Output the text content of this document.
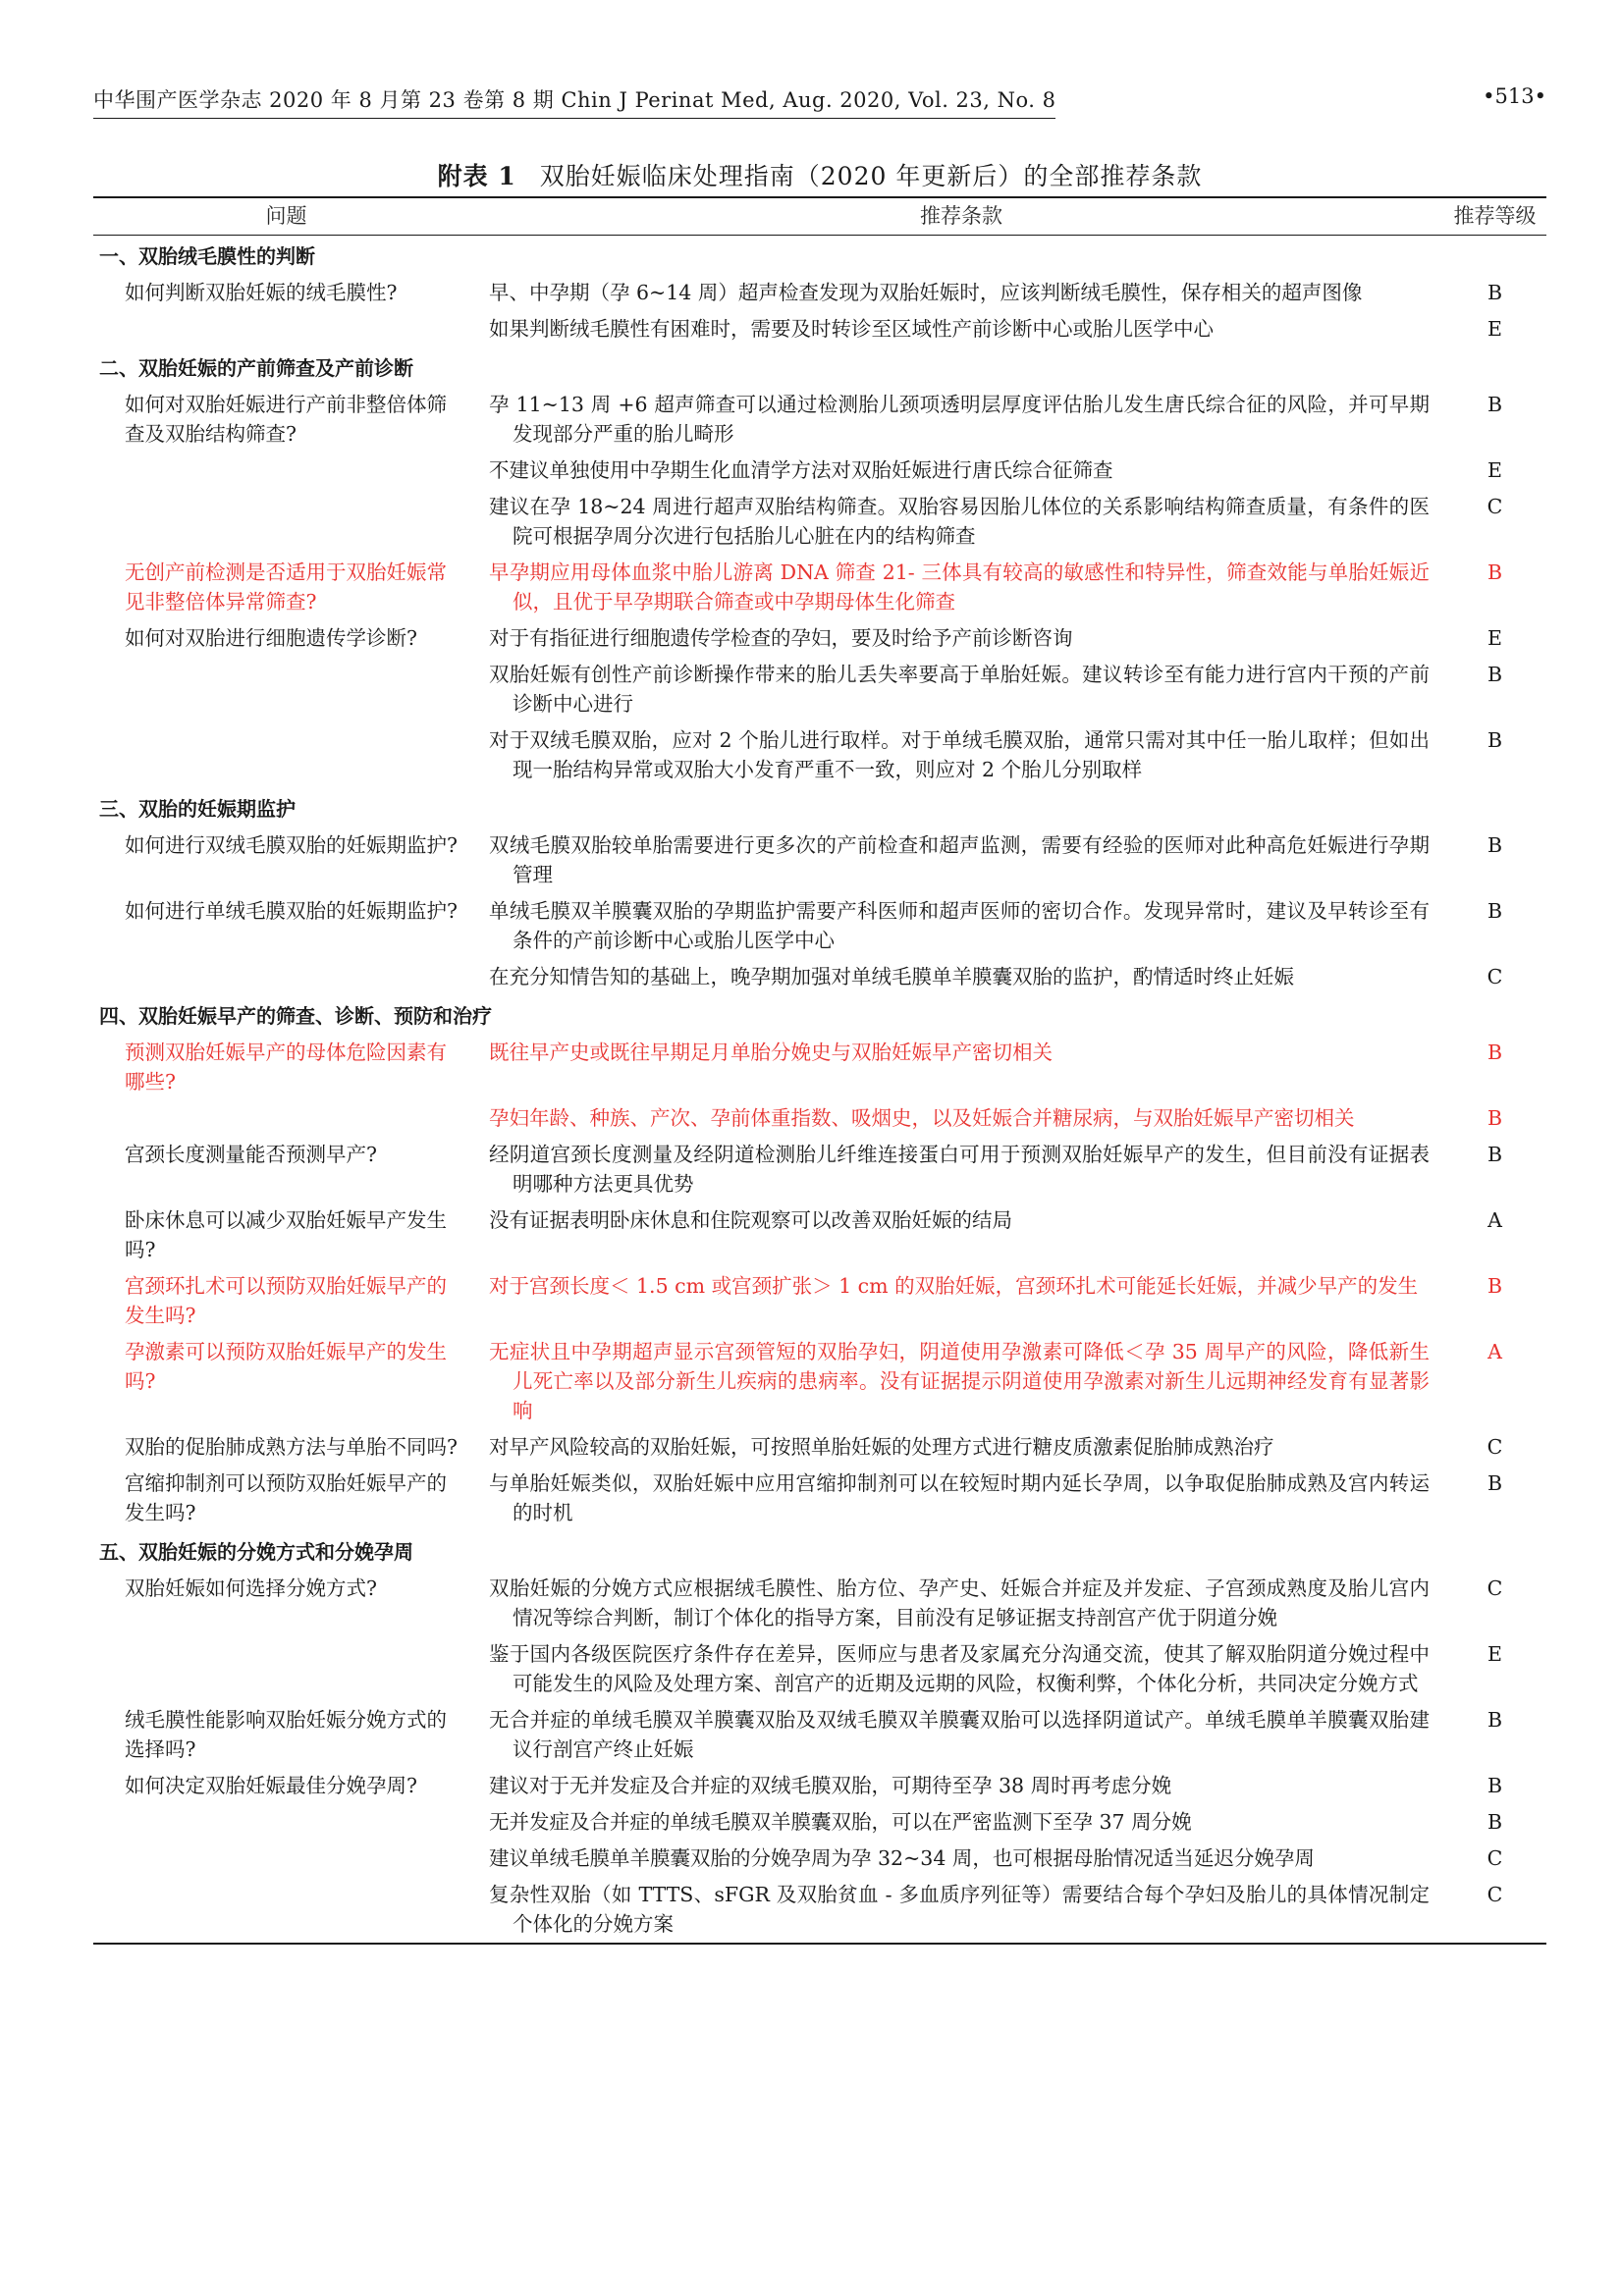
中华围产医学杂志 2020 年 8 月第 23 卷第 8 期 Chin J Perinat Med, Aug. 2020, Vol. 23, No. 8	•513•
附表 1 双胎妊娠临床处理指南（2020 年更新后）的全部推荐条款
问题	推荐条款	推荐等级
一、双胎绒毛膜性的判断		
如何判断双胎妊娠的绒毛膜性?	早、中孕期（孕 6~14 周）超声检查发现为双胎妊娠时，应该判断绒毛膜性，保存相关的超声图像	B

	如果判断绒毛膜性有困难时，需要及时转诊至区域性产前诊断中心或胎儿医学中心	E
二、双胎妊娠的产前筛查及产前诊断		
如何对双胎妊娠进行产前非整倍体筛查及双胎结构筛查?	孕 11~13 周 +6 超声筛查可以通过检测胎儿颈项透明层厚度评估胎儿发生唐氏综合征的风险，并可早期发现部分严重的胎儿畸形	B

	不建议单独使用中孕期生化血清学方法对双胎妊娠进行唐氏综合征筛查	E

	建议在孕 18~24 周进行超声双胎结构筛查。双胎容易因胎儿体位的关系影响结构筛查质量，有条件的医院可根据孕周分次进行包括胎儿心脏在内的结构筛查	C
无创产前检测是否适用于双胎妊娠常见非整倍体异常筛查?	早孕期应用母体血浆中胎儿游离 DNA 筛查 21- 三体具有较高的敏感性和特异性，筛查效能与单胎妊娠近似，且优于早孕期联合筛查或中孕期母体生化筛查	B
如何对双胎进行细胞遗传学诊断?	对于有指征进行细胞遗传学检查的孕妇，要及时给予产前诊断咨询	E

	双胎妊娠有创性产前诊断操作带来的胎儿丢失率要高于单胎妊娠。建议转诊至有能力进行宫内干预的产前诊断中心进行	B

	对于双绒毛膜双胎，应对 2 个胎儿进行取样。对于单绒毛膜双胎，通常只需对其中任一胎儿取样；但如出现一胎结构异常或双胎大小发育严重不一致，则应对 2 个胎儿分别取样	B
三、双胎的妊娠期监护		
如何进行双绒毛膜双胎的妊娠期监护?	双绒毛膜双胎较单胎需要进行更多次的产前检查和超声监测，需要有经验的医师对此种高危妊娠进行孕期管理	B
如何进行单绒毛膜双胎的妊娠期监护?	单绒毛膜双羊膜囊双胎的孕期监护需要产科医师和超声医师的密切合作。发现异常时，建议及早转诊至有条件的产前诊断中心或胎儿医学中心	B

	在充分知情告知的基础上，晚孕期加强对单绒毛膜单羊膜囊双胎的监护，酌情适时终止妊娠	C
四、双胎妊娠早产的筛查、诊断、预防和治疗		
预测双胎妊娠早产的母体危险因素有哪些?	既往早产史或既往早期足月单胎分娩史与双胎妊娠早产密切相关	B

	孕妇年龄、种族、产次、孕前体重指数、吸烟史，以及妊娠合并糖尿病，与双胎妊娠早产密切相关	B
宫颈长度测量能否预测早产?	经阴道宫颈长度测量及经阴道检测胎儿纤维连接蛋白可用于预测双胎妊娠早产的发生，但目前没有证据表明哪种方法更具优势	B
卧床休息可以减少双胎妊娠早产发生吗?	没有证据表明卧床休息和住院观察可以改善双胎妊娠的结局	A
宫颈环扎术可以预防双胎妊娠早产的发生吗?	对于宫颈长度＜ 1.5 cm 或宫颈扩张＞ 1 cm 的双胎妊娠，宫颈环扎术可能延长妊娠，并减少早产的发生	B
孕激素可以预防双胎妊娠早产的发生吗?	无症状且中孕期超声显示宫颈管短的双胎孕妇，阴道使用孕激素可降低＜孕 35 周早产的风险，降低新生儿死亡率以及部分新生儿疾病的患病率。没有证据提示阴道使用孕激素对新生儿远期神经发育有显著影响	A
双胎的促胎肺成熟方法与单胎不同吗?	对早产风险较高的双胎妊娠，可按照单胎妊娠的处理方式进行糖皮质激素促胎肺成熟治疗	C
宫缩抑制剂可以预防双胎妊娠早产的发生吗?	与单胎妊娠类似，双胎妊娠中应用宫缩抑制剂可以在较短时期内延长孕周，以争取促胎肺成熟及宫内转运的时机	B
五、双胎妊娠的分娩方式和分娩孕周		
双胎妊娠如何选择分娩方式?	双胎妊娠的分娩方式应根据绒毛膜性、胎方位、孕产史、妊娠合并症及并发症、子宫颈成熟度及胎儿宫内情况等综合判断，制订个体化的指导方案，目前没有足够证据支持剖宫产优于阴道分娩	C

	鉴于国内各级医院医疗条件存在差异，医师应与患者及家属充分沟通交流，使其了解双胎阴道分娩过程中可能发生的风险及处理方案、剖宫产的近期及远期的风险，权衡利弊，个体化分析，共同决定分娩方式	E
绒毛膜性能影响双胎妊娠分娩方式的选择吗?	无合并症的单绒毛膜双羊膜囊双胎及双绒毛膜双羊膜囊双胎可以选择阴道试产。单绒毛膜单羊膜囊双胎建议行剖宫产终止妊娠	B
如何决定双胎妊娠最佳分娩孕周?	建议对于无并发症及合并症的双绒毛膜双胎，可期待至孕 38 周时再考虑分娩	B

	无并发症及合并症的单绒毛膜双羊膜囊双胎，可以在严密监测下至孕 37 周分娩	B

	建议单绒毛膜单羊膜囊双胎的分娩孕周为孕 32~34 周，也可根据母胎情况适当延迟分娩孕周	C

	复杂性双胎（如 TTTS、sFGR 及双胎贫血 - 多血质序列征等）需要结合每个孕妇及胎儿的具体情况制定个体化的分娩方案	C
